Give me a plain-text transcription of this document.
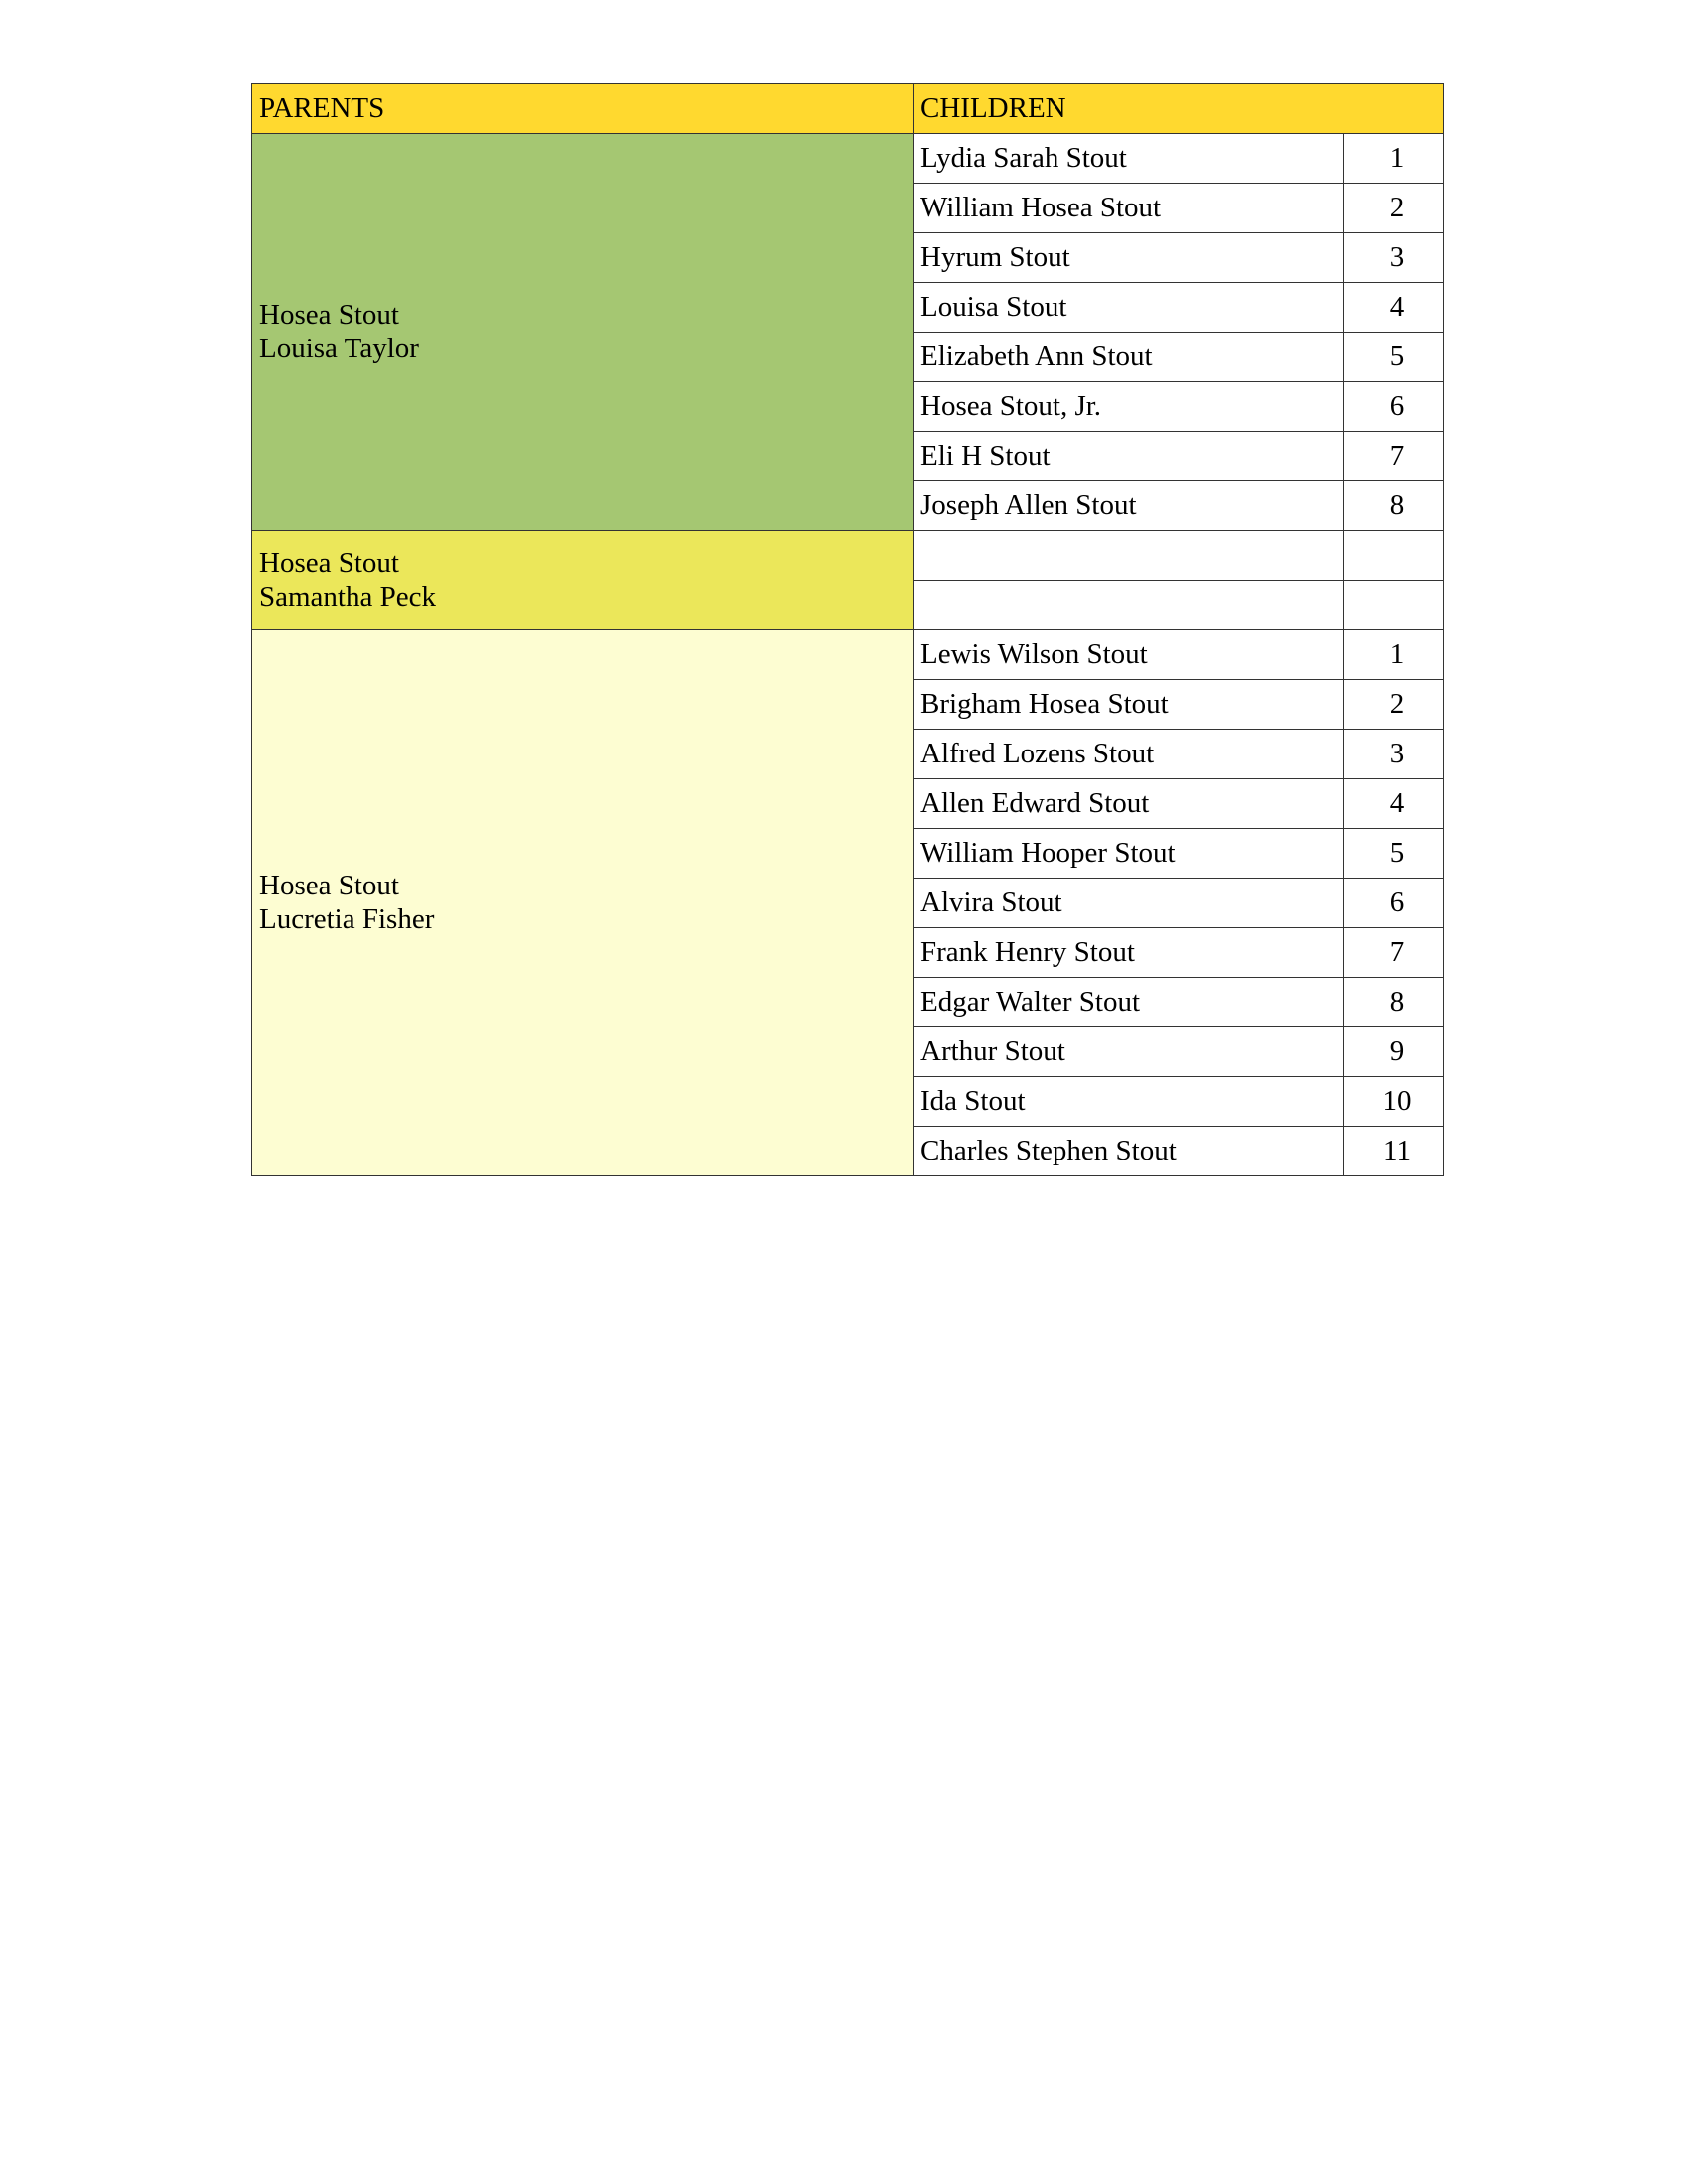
PARENTS	CHILDREN	

Hosea Stout
Louisa Taylor	Lydia Sarah Stout	1
	William Hosea Stout	2
	Hyrum Stout	3
	Louisa Stout	4
	Elizabeth Ann Stout	5
	Hosea Stout, Jr.	6
	Eli H Stout	7
	Joseph Allen Stout	8

Hosea Stout
Samantha Peck		

Hosea Stout
Lucretia Fisher	Lewis Wilson Stout	1
	Brigham Hosea Stout	2
	Alfred Lozens Stout	3
	Allen Edward Stout	4
	William Hooper Stout	5
	Alvira Stout	6
	Frank Henry Stout	7
	Edgar Walter Stout	8
	Arthur Stout	9
	Ida Stout	10
	Charles Stephen Stout	11
